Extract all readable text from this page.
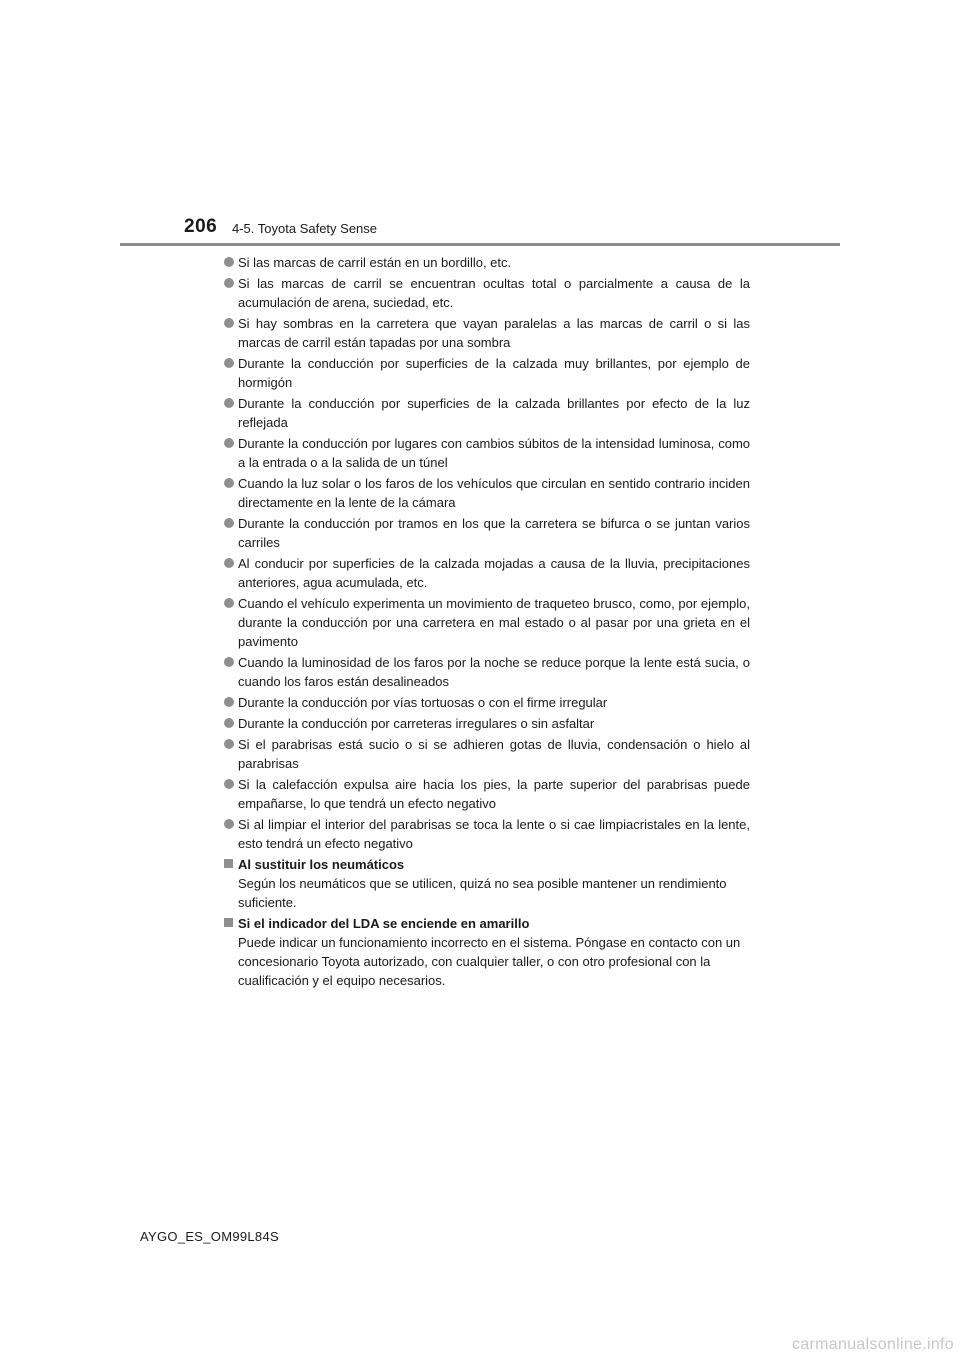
206 4-5. Toyota Safety Sense
Si las marcas de carril están en un bordillo, etc.
Si las marcas de carril se encuentran ocultas total o parcialmente a causa de la acumulación de arena, suciedad, etc.
Si hay sombras en la carretera que vayan paralelas a las marcas de carril o si las marcas de carril están tapadas por una sombra
Durante la conducción por superficies de la calzada muy brillantes, por ejemplo de hormigón
Durante la conducción por superficies de la calzada brillantes por efecto de la luz reflejada
Durante la conducción por lugares con cambios súbitos de la intensidad luminosa, como a la entrada o a la salida de un túnel
Cuando la luz solar o los faros de los vehículos que circulan en sentido contrario inciden directamente en la lente de la cámara
Durante la conducción por tramos en los que la carretera se bifurca o se juntan varios carriles
Al conducir por superficies de la calzada mojadas a causa de la lluvia, precipitaciones anteriores, agua acumulada, etc.
Cuando el vehículo experimenta un movimiento de traqueteo brusco, como, por ejemplo, durante la conducción por una carretera en mal estado o al pasar por una grieta en el pavimento
Cuando la luminosidad de los faros por la noche se reduce porque la lente está sucia, o cuando los faros están desalineados
Durante la conducción por vías tortuosas o con el firme irregular
Durante la conducción por carreteras irregulares o sin asfaltar
Si el parabrisas está sucio o si se adhieren gotas de lluvia, condensación o hielo al parabrisas
Si la calefacción expulsa aire hacia los pies, la parte superior del parabrisas puede empañarse, lo que tendrá un efecto negativo
Si al limpiar el interior del parabrisas se toca la lente o si cae limpiacristales en la lente, esto tendrá un efecto negativo
Al sustituir los neumáticos
Según los neumáticos que se utilicen, quizá no sea posible mantener un rendimiento suficiente.
Si el indicador del LDA se enciende en amarillo
Puede indicar un funcionamiento incorrecto en el sistema. Póngase en contacto con un concesionario Toyota autorizado, con cualquier taller, o con otro profesional con la cualificación y el equipo necesarios.
AYGO_ES_OM99L84S
carmanualsonline.info
